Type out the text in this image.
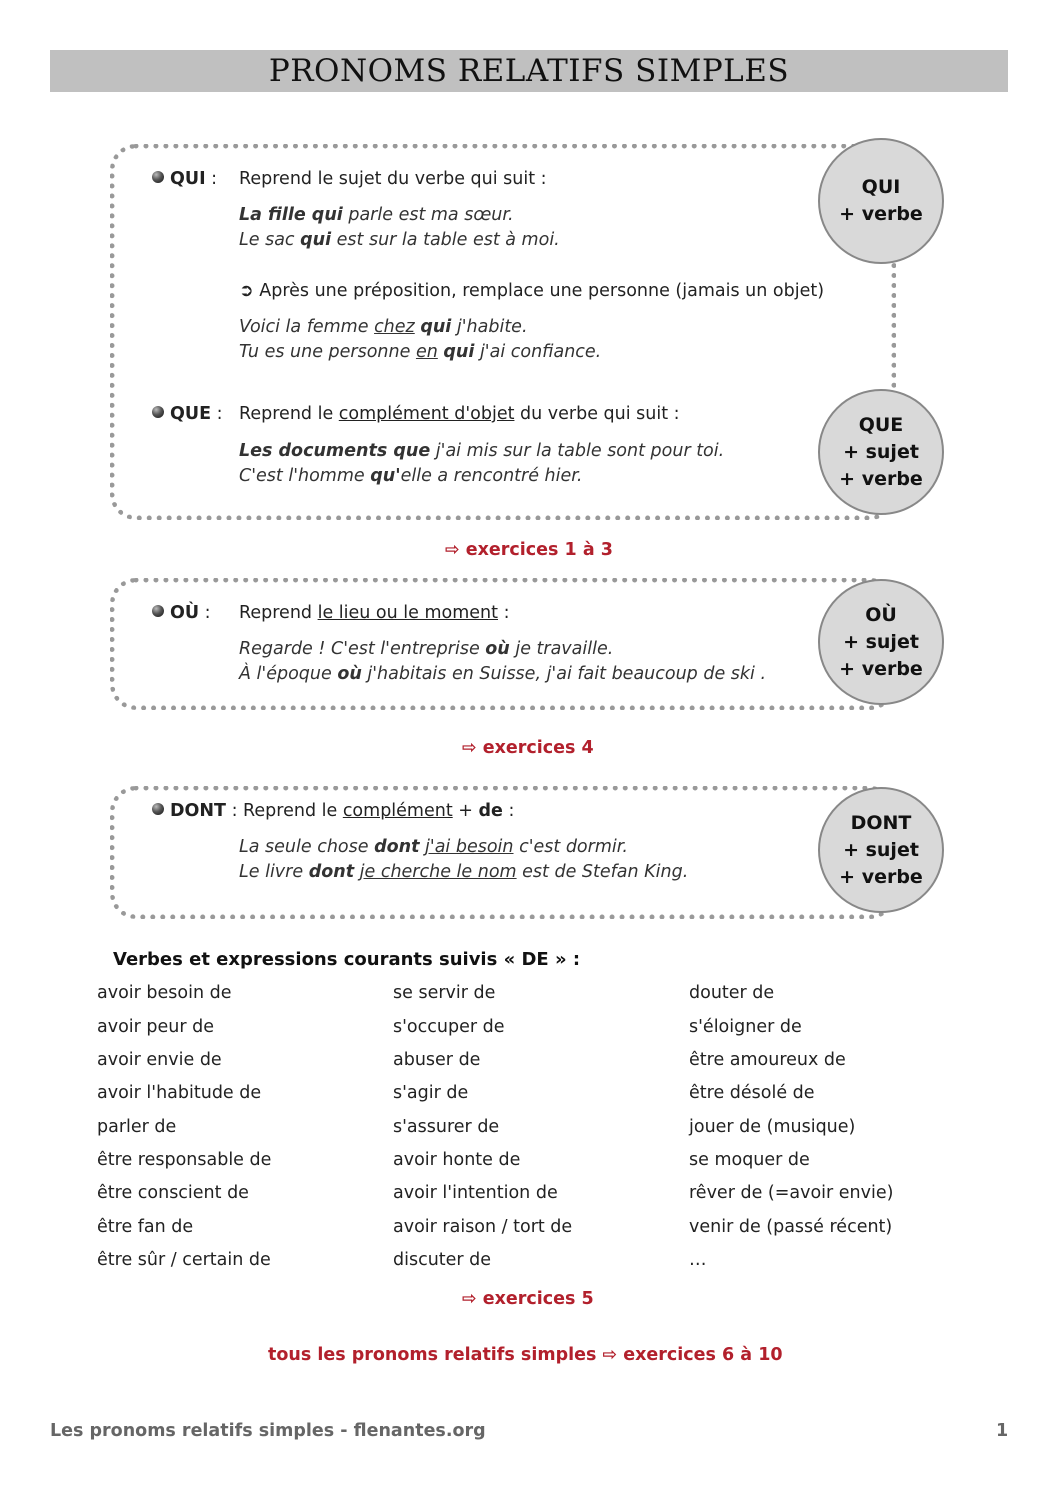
PRONOMS RELATIFS SIMPLES
QUI : Reprend le sujet du verbe qui suit :
La fille qui parle est ma sœur.
Le sac qui est sur la table est à moi.
➲ Après une préposition, remplace une personne (jamais un objet)
Voici la femme chez qui j'habite.
Tu es une personne en qui j'ai confiance.
QUI
+ verbe
QUE : Reprend le complément d'objet du verbe qui suit :
Les documents que j'ai mis sur la table sont pour toi.
C'est l'homme qu'elle a rencontré hier.
QUE
+ sujet
+ verbe
⇨ exercices 1 à 3
OÙ : Reprend le lieu ou le moment :
Regarde ! C'est l'entreprise où je travaille.
À l'époque où j'habitais en Suisse, j'ai fait beaucoup de ski .
OÙ
+ sujet
+ verbe
⇨ exercices 4
DONT : Reprend le complément + de :
La seule chose dont j'ai besoin c'est dormir.
Le livre dont je cherche le nom est de Stefan King.
DONT
+ sujet
+ verbe
Verbes et expressions courants suivis « DE » :
avoir besoin de
avoir peur de
avoir envie de
avoir l'habitude de
parler de
être responsable de
être conscient de
être fan de
être sûr / certain de
se servir de
s'occuper de
abuser de
s'agir de
s'assurer de
avoir honte de
avoir l'intention de
avoir raison / tort de
discuter de
douter de
s'éloigner de
être amoureux de
être désolé de
jouer de (musique)
se moquer de
rêver de (=avoir envie)
venir de (passé récent)
…
⇨ exercices 5
tous les pronoms relatifs simples ⇨ exercices 6 à 10
Les pronoms relatifs simples - flenantes.org	1
